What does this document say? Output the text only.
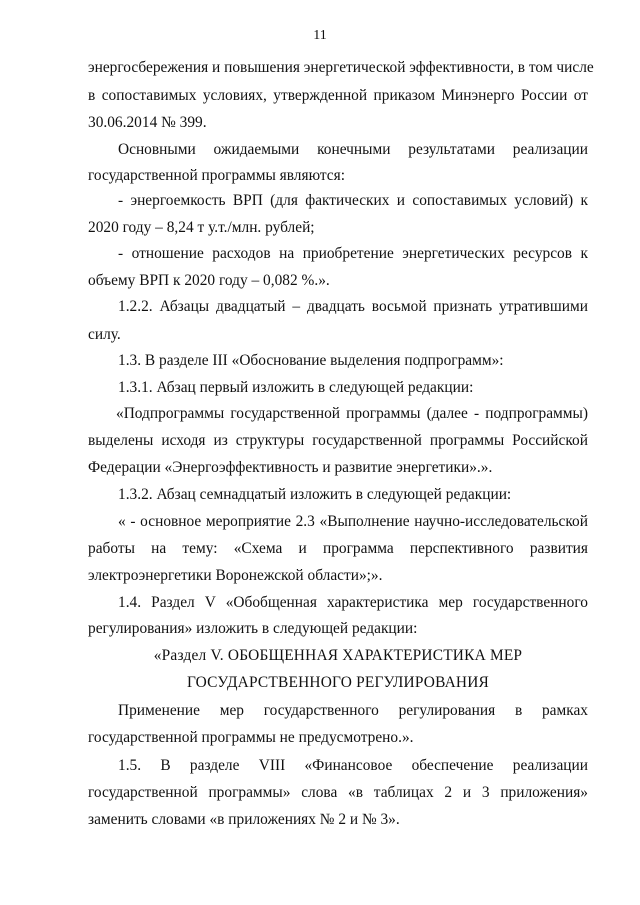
11
энергосбережения и повышения энергетической эффективности, в том числе
в сопоставимых условиях, утвержденной приказом Минэнерго России от
30.06.2014 № 399.
Основными ожидаемыми конечными результатами реализации
государственной программы являются:
- энергоемкость ВРП (для фактических и сопоставимых условий) к
2020 году – 8,24 т у.т./млн. рублей;
- отношение расходов на приобретение энергетических ресурсов к
объему ВРП к 2020 году – 0,082 %.».
1.2.2. Абзацы двадцатый – двадцать восьмой признать утратившими
силу.
1.3. В разделе III «Обоснование выделения подпрограмм»:
1.3.1. Абзац первый изложить в следующей редакции:
«Подпрограммы государственной программы (далее - подпрограммы)
выделены исходя из структуры государственной программы Российской
Федерации «Энергоэффективность и развитие энергетики».».
1.3.2. Абзац семнадцатый изложить в следующей редакции:
« - основное мероприятие 2.3 «Выполнение научно-исследовательской
работы на тему: «Схема и программа перспективного развития
электроэнергетики Воронежской области»;».
1.4. Раздел V «Обобщенная характеристика мер государственного
регулирования» изложить в следующей редакции:
«Раздел V. ОБОБЩЕННАЯ ХАРАКТЕРИСТИКА МЕР
ГОСУДАРСТВЕННОГО РЕГУЛИРОВАНИЯ
Применение мер государственного регулирования в рамках
государственной программы не предусмотрено.».
1.5. В разделе VIII «Финансовое обеспечение реализации
государственной программы» слова «в таблицах 2 и 3 приложения»
заменить словами «в приложениях № 2 и № 3».
